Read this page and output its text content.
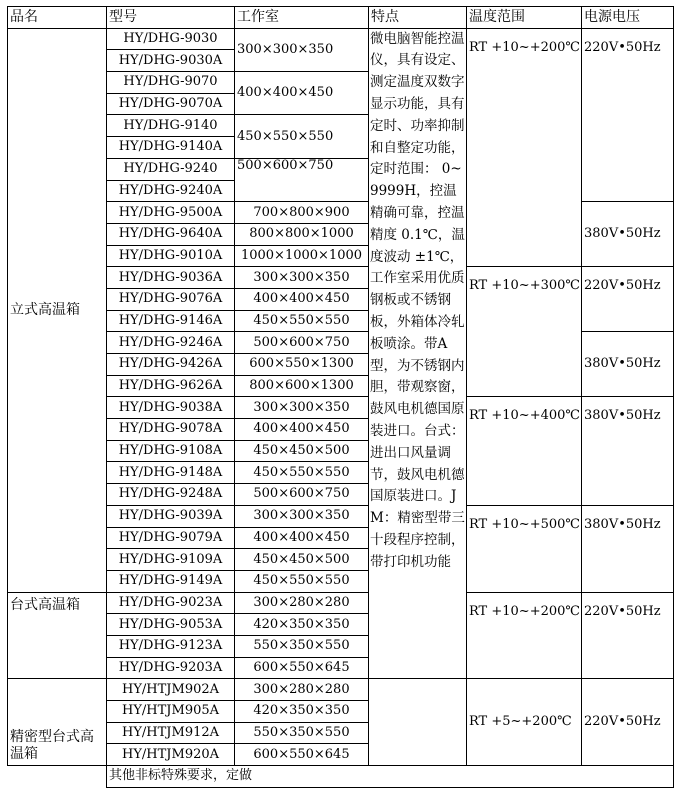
品名	型号	工作室	特点	温度范围	电源电压
立式高温箱	HY/DHG-9030	300×300×350	微电脑智能控温仪，具有设定、测定温度双数字显示功能，具有定时、功率抑制和自整定功能，定时范围： 0~9999H，控温精确可靠，控温精度 0.1℃，温度波动 ±1℃，工作室采用优质钢板或不锈钢板，外箱体冷轧板喷涂。带A型，为不锈钢内胆，带观察窗，鼓风电机德国原装进口。台式：进出口风量调节，鼓风电机德国原装进口。JM：精密型带三十段程序控制，带打印机功能	RT +10~+200℃	220V•50Hz
	HY/DHG-9030A				
	HY/DHG-9070	400×400×450			
	HY/DHG-9070A				
	HY/DHG-9140	450×550×550			
	HY/DHG-9140A				
	HY/DHG-9240	500×600×750			
	HY/DHG-9240A				
	HY/DHG-9500A	700×800×900			380V•50Hz
	HY/DHG-9640A	800×800×1000			
	HY/DHG-9010A	1000×1000×1000			
	HY/DHG-9036A	300×300×350		RT +10~+300℃	220V•50Hz
	HY/DHG-9076A	400×400×450			
	HY/DHG-9146A	450×550×550			
	HY/DHG-9246A	500×600×750			380V•50Hz
	HY/DHG-9426A	600×550×1300			
	HY/DHG-9626A	800×600×1300			
	HY/DHG-9038A	300×300×350		RT +10~+400℃	380V•50Hz
	HY/DHG-9078A	400×400×450			
	HY/DHG-9108A	450×450×500			
	HY/DHG-9148A	450×550×550			
	HY/DHG-9248A	500×600×750			
	HY/DHG-9039A	300×300×350		RT +10~+500℃	380V•50Hz
	HY/DHG-9079A	400×400×450			
	HY/DHG-9109A	450×450×500			
	HY/DHG-9149A	450×550×550			
台式高温箱	HY/DHG-9023A	300×280×280		RT +10~+200℃	220V•50Hz
	HY/DHG-9053A	420×350×350			
	HY/DHG-9123A	550×350×550			
	HY/DHG-9203A	600×550×645			
精密型台式高温箱	HY/HTJM902A	300×280×280		RT +5~+200℃	220V•50Hz
	HY/HTJM905A	420×350×350			
	HY/HTJM912A	550×350×550			
	HY/HTJM920A	600×550×645			
	其他非标特殊要求，定做				
